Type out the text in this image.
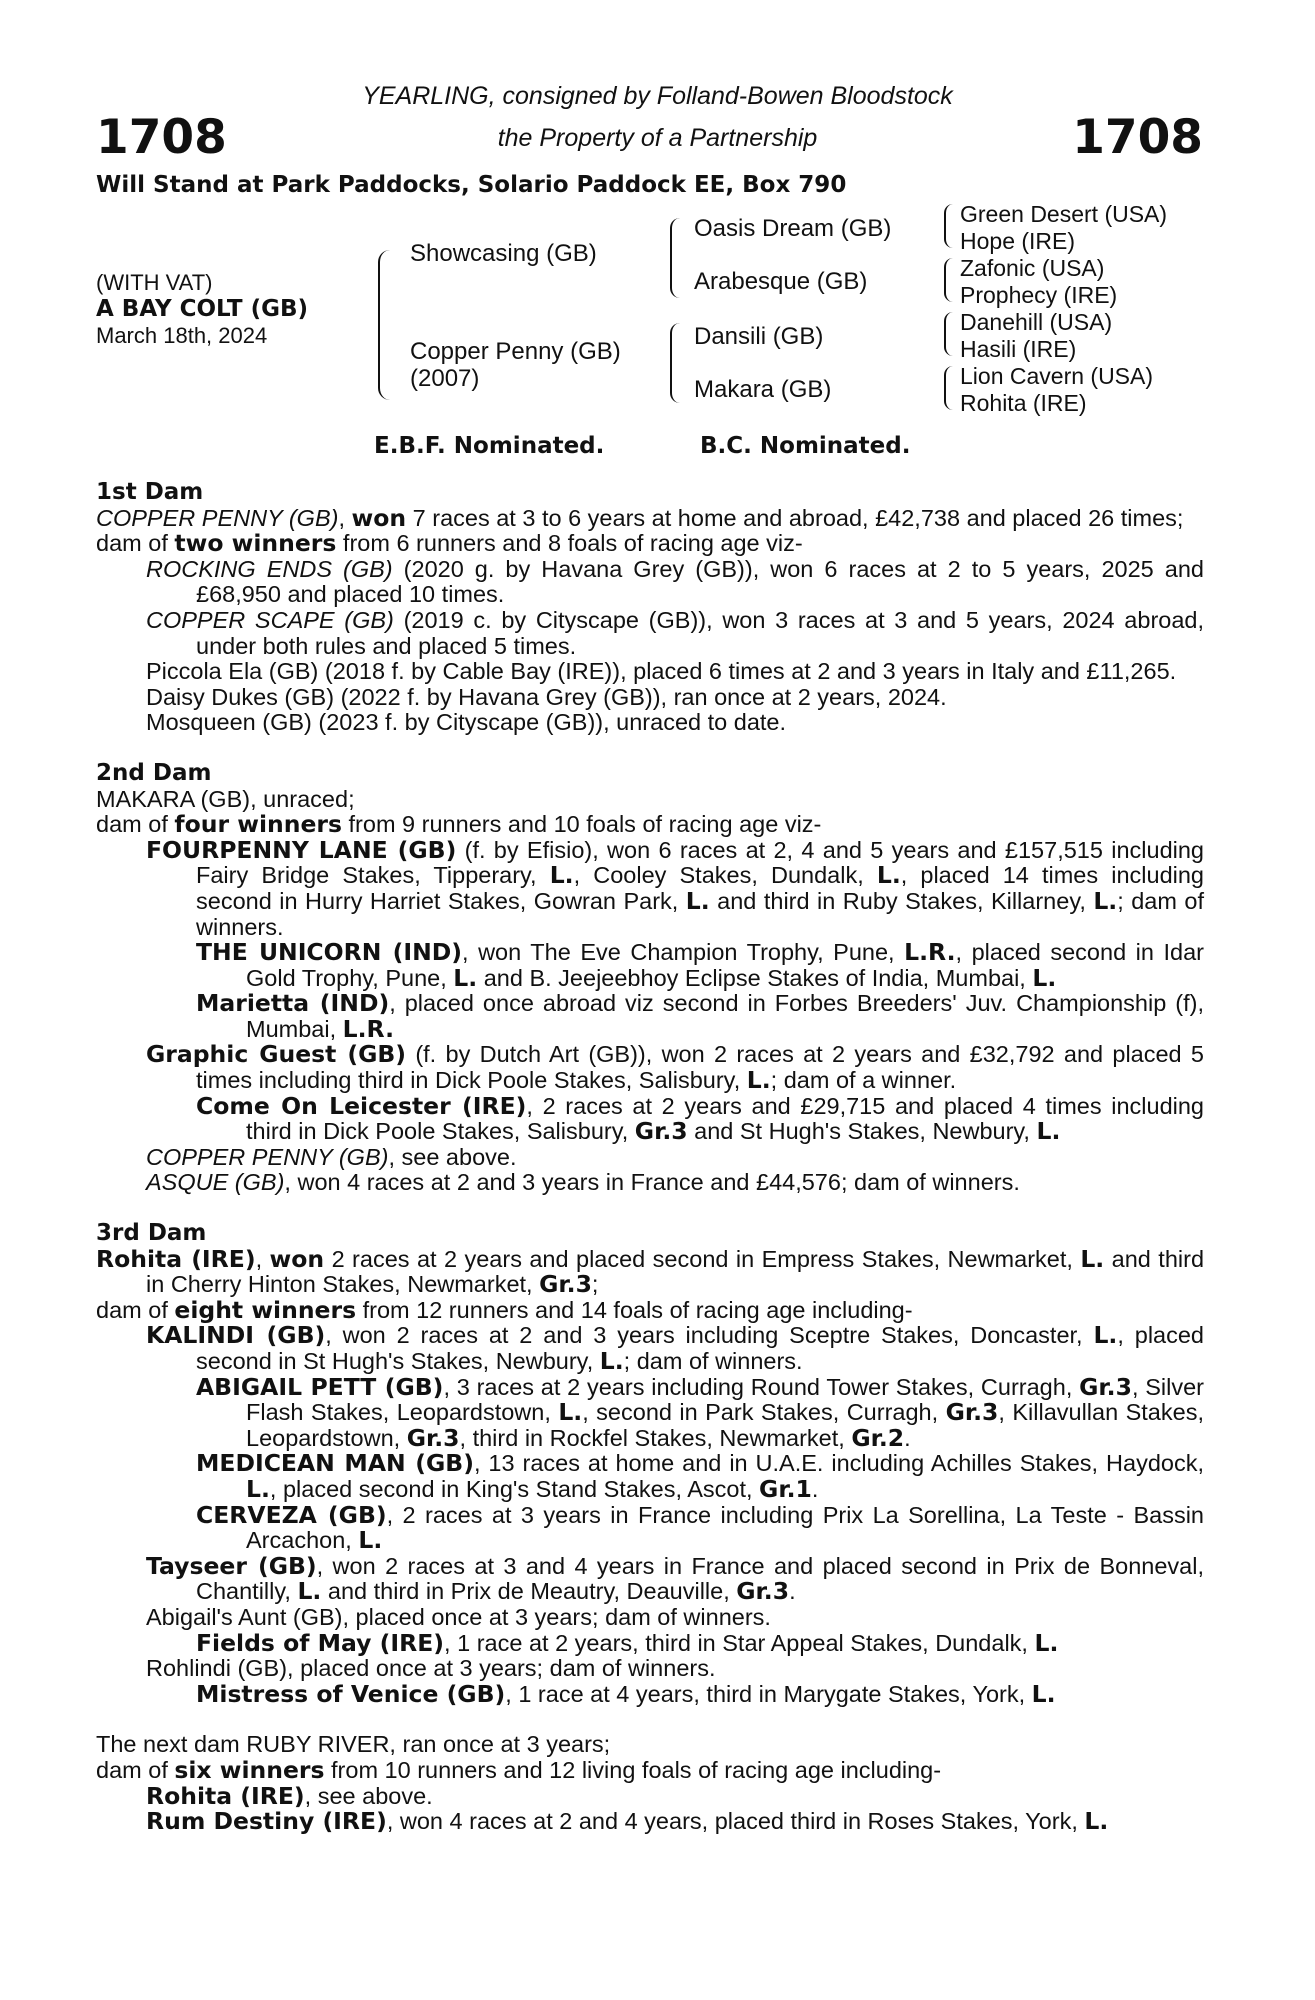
1708	1708
YEARLING, consigned by Folland-Bowen Bloodstock
the Property of a Partnership
Will Stand at Park Paddocks, Solario Paddock EE, Box 790
(WITH VAT)
A BAY COLT (GB)
March 18th, 2024
Showcasing (GB)
Copper Penny (GB)
(2007)
Oasis Dream (GB)
Arabesque (GB)
Dansili (GB)
Makara (GB)
Green Desert (USA)
Hope (IRE)
Zafonic (USA)
Prophecy (IRE)
Danehill (USA)
Hasili (IRE)
Lion Cavern (USA)
Rohita (IRE)
E.B.F. Nominated.	B.C. Nominated.
1st Dam

COPPER PENNY (GB), won 7 races at 3 to 6 years at home and abroad, £42,738 and placed 26 times;

dam of two winners from 6 runners and 8 foals of racing age viz-

ROCKING ENDS (GB) (2020 g. by Havana Grey (GB)), won 6 races at 2 to 5 years, 2025 and £68,950 and placed 10 times.

COPPER SCAPE (GB) (2019 c. by Cityscape (GB)), won 3 races at 3 and 5 years, 2024 abroad, under both rules and placed 5 times.

Piccola Ela (GB) (2018 f. by Cable Bay (IRE)), placed 6 times at 2 and 3 years in Italy and £11,265.

Daisy Dukes (GB) (2022 f. by Havana Grey (GB)), ran once at 2 years, 2024.

Mosqueen (GB) (2023 f. by Cityscape (GB)), unraced to date.

2nd Dam

MAKARA (GB), unraced;

dam of four winners from 9 runners and 10 foals of racing age viz-

FOURPENNY LANE (GB) (f. by Efisio), won 6 races at 2, 4 and 5 years and £157,515 including Fairy Bridge Stakes, Tipperary, L., Cooley Stakes, Dundalk, L., placed 14 times including second in Hurry Harriet Stakes, Gowran Park, L. and third in Ruby Stakes, Killarney, L.; dam of winners.

THE UNICORN (IND), won The Eve Champion Trophy, Pune, L.R., placed second in Idar Gold Trophy, Pune, L. and B. Jeejeebhoy Eclipse Stakes of India, Mumbai, L.

Marietta (IND), placed once abroad viz second in Forbes Breeders' Juv. Championship (f), Mumbai, L.R.

Graphic Guest (GB) (f. by Dutch Art (GB)), won 2 races at 2 years and £32,792 and placed 5 times including third in Dick Poole Stakes, Salisbury, L.; dam of a winner.

Come On Leicester (IRE), 2 races at 2 years and £29,715 and placed 4 times including third in Dick Poole Stakes, Salisbury, Gr.3 and St Hugh's Stakes, Newbury, L.

COPPER PENNY (GB), see above.

ASQUE (GB), won 4 races at 2 and 3 years in France and £44,576; dam of winners.

3rd Dam

Rohita (IRE), won 2 races at 2 years and placed second in Empress Stakes, Newmarket, L. and third in Cherry Hinton Stakes, Newmarket, Gr.3;

dam of eight winners from 12 runners and 14 foals of racing age including-

KALINDI (GB), won 2 races at 2 and 3 years including Sceptre Stakes, Doncaster, L., placed second in St Hugh's Stakes, Newbury, L.; dam of winners.

ABIGAIL PETT (GB), 3 races at 2 years including Round Tower Stakes, Curragh, Gr.3, Silver Flash Stakes, Leopardstown, L., second in Park Stakes, Curragh, Gr.3, Killavullan Stakes, Leopardstown, Gr.3, third in Rockfel Stakes, Newmarket, Gr.2.

MEDICEAN MAN (GB), 13 races at home and in U.A.E. including Achilles Stakes, Haydock, L., placed second in King's Stand Stakes, Ascot, Gr.1.

CERVEZA (GB), 2 races at 3 years in France including Prix La Sorellina, La Teste - Bassin Arcachon, L.

Tayseer (GB), won 2 races at 3 and 4 years in France and placed second in Prix de Bonneval, Chantilly, L. and third in Prix de Meautry, Deauville, Gr.3.

Abigail's Aunt (GB), placed once at 3 years; dam of winners.

Fields of May (IRE), 1 race at 2 years, third in Star Appeal Stakes, Dundalk, L.

Rohlindi (GB), placed once at 3 years; dam of winners.

Mistress of Venice (GB), 1 race at 4 years, third in Marygate Stakes, York, L.

The next dam RUBY RIVER, ran once at 3 years;

dam of six winners from 10 runners and 12 living foals of racing age including-

Rohita (IRE), see above.

Rum Destiny (IRE), won 4 races at 2 and 4 years, placed third in Roses Stakes, York, L.
